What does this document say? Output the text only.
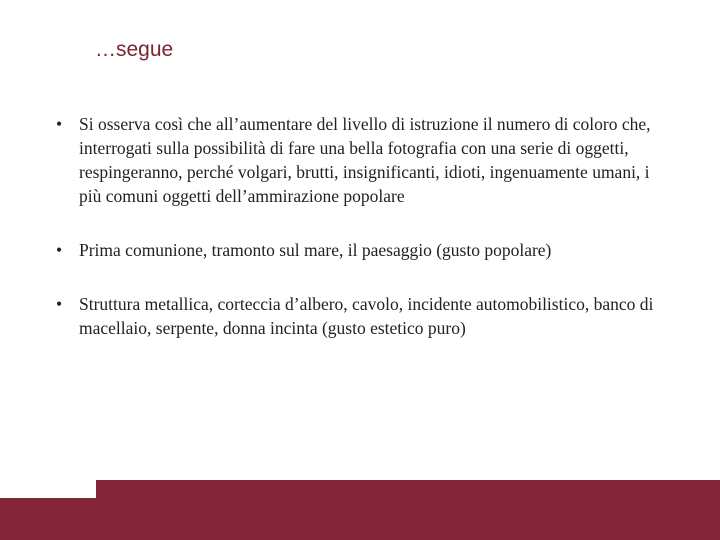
…segue
• Si osserva così che all’aumentare del livello di istruzione il numero di coloro che, interrogati sulla possibilità di fare una bella fotografia con una serie di oggetti, respingeranno, perché volgari, brutti, insignificanti, idioti, ingenuamente umani, i più comuni oggetti dell’ammirazione popolare
• Prima comunione, tramonto sul mare, il paesaggio (gusto popolare)
• Struttura metallica, corteccia d’albero, cavolo, incidente automobilistico, banco di macellaio, serpente, donna incinta (gusto estetico puro)
